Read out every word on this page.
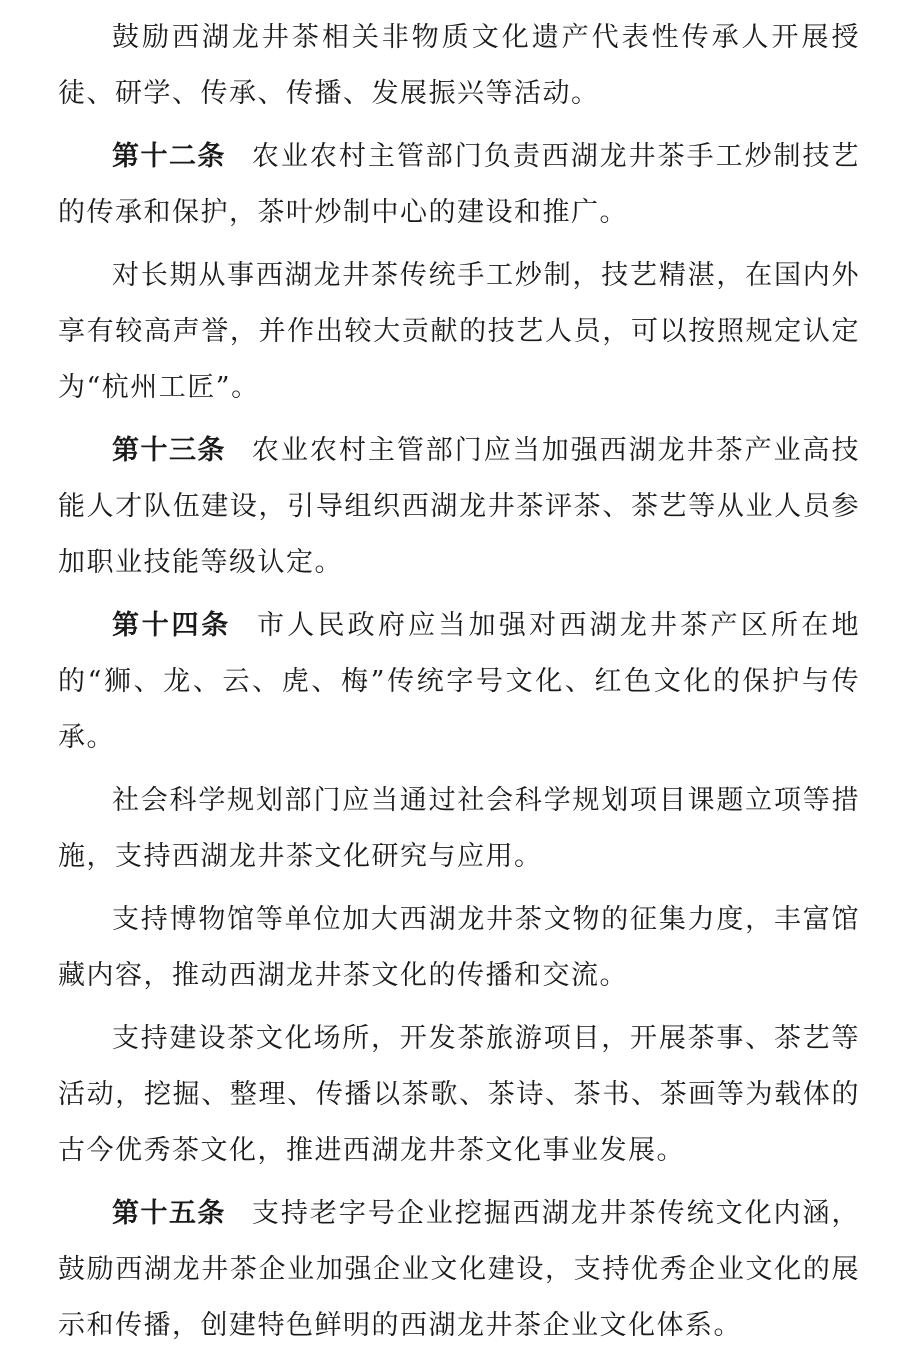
鼓励西湖龙井茶相关非物质文化遗产代表性传承人开展授徒、研学、传承、传播、发展振兴等活动。

第十二条 农业农村主管部门负责西湖龙井茶手工炒制技艺的传承和保护，茶叶炒制中心的建设和推广。

对长期从事西湖龙井茶传统手工炒制，技艺精湛，在国内外享有较高声誉，并作出较大贡献的技艺人员，可以按照规定认定为“杭州工匠”。

第十三条 农业农村主管部门应当加强西湖龙井茶产业高技能人才队伍建设，引导组织西湖龙井茶评茶、茶艺等从业人员参加职业技能等级认定。

第十四条 市人民政府应当加强对西湖龙井茶产区所在地的“狮、龙、云、虎、梅”传统字号文化、红色文化的保护与传承。

社会科学规划部门应当通过社会科学规划项目课题立项等措施，支持西湖龙井茶文化研究与应用。

支持博物馆等单位加大西湖龙井茶文物的征集力度，丰富馆藏内容，推动西湖龙井茶文化的传播和交流。

支持建设茶文化场所，开发茶旅游项目，开展茶事、茶艺等活动，挖掘、整理、传播以茶歌、茶诗、茶书、茶画等为载体的古今优秀茶文化，推进西湖龙井茶文化事业发展。

第十五条 支持老字号企业挖掘西湖龙井茶传统文化内涵，鼓励西湖龙井茶企业加强企业文化建设，支持优秀企业文化的展示和传播，创建特色鲜明的西湖龙井茶企业文化体系。
